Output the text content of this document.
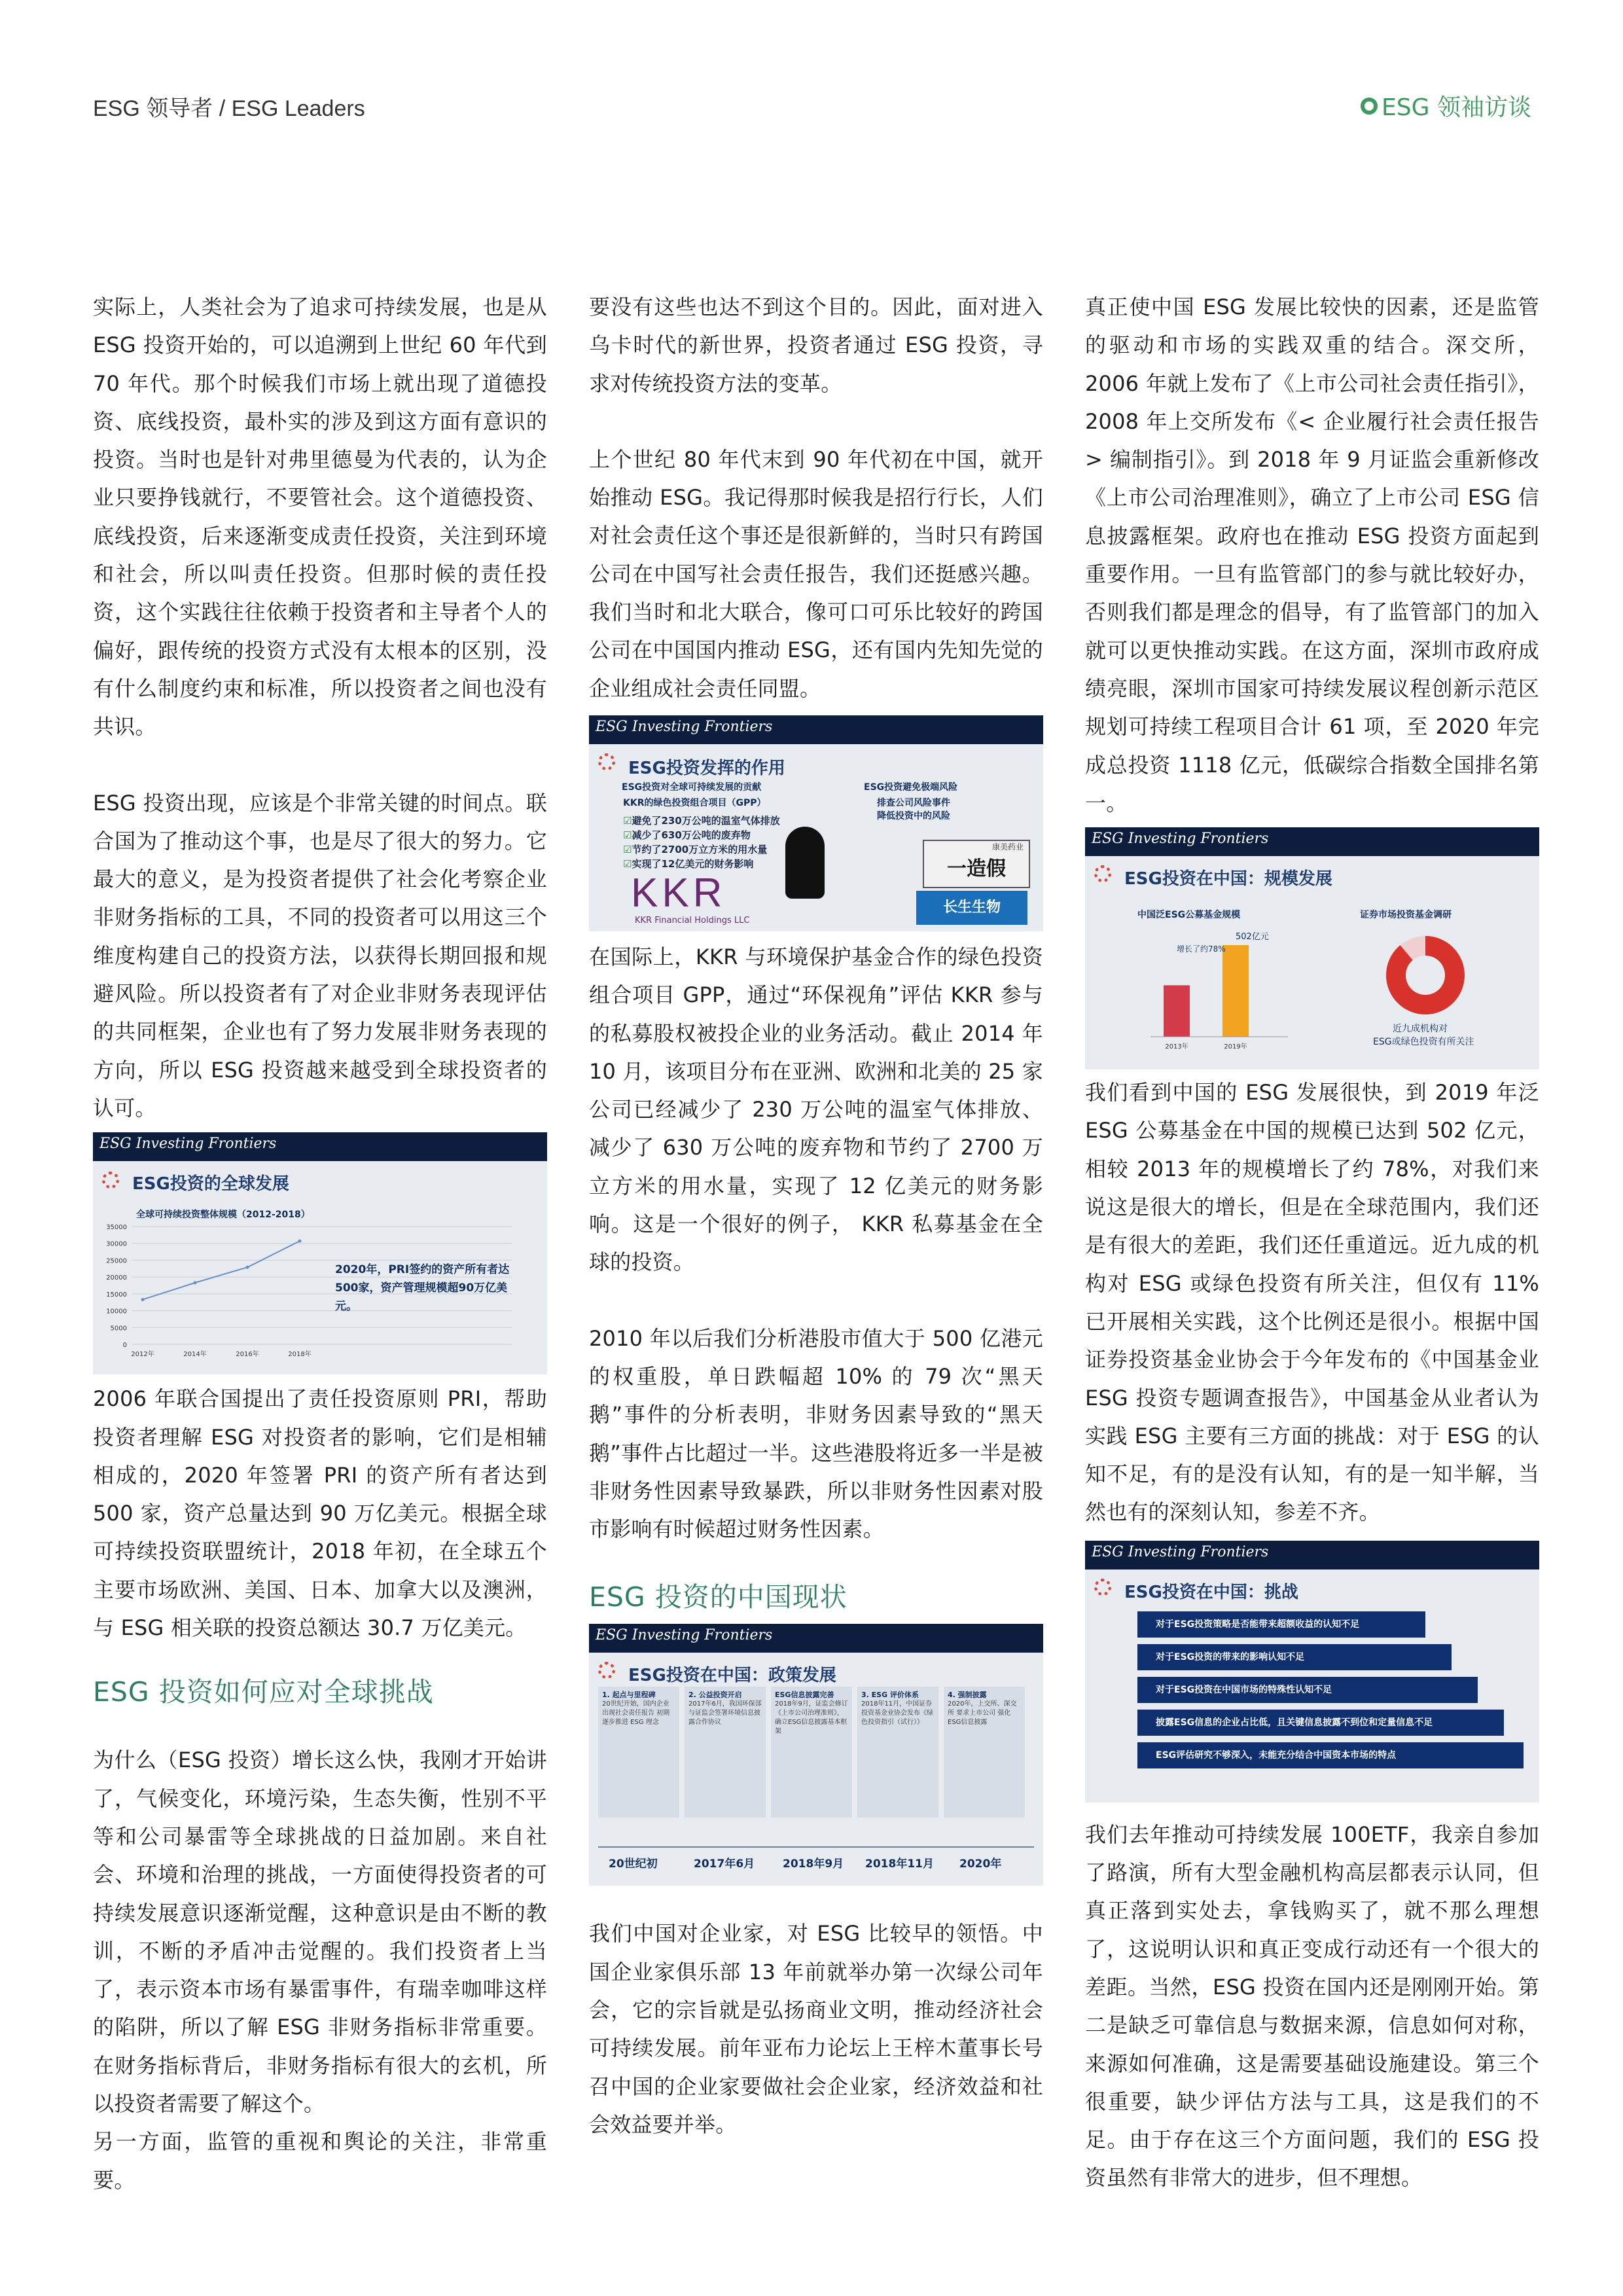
ESG 领导者 / ESG Leaders	ESG 领袖访谈

实际上，人类社会为了追求可持续发展，也是从 ESG 投资开始的，可以追溯到上世纪 60 年代到 70 年代。那个时候我们市场上就出现了道德投资、底线投资，最朴实的涉及到这方面有意识的投资。当时也是针对弗里德曼为代表的，认为企业只要挣钱就行，不要管社会。这个道德投资、底线投资，后来逐渐变成责任投资，关注到环境和社会，所以叫责任投资。但那时候的责任投资，这个实践往往依赖于投资者和主导者个人的偏好，跟传统的投资方式没有太根本的区别，没有什么制度约束和标准，所以投资者之间也没有共识。

ESG 投资出现，应该是个非常关键的时间点。联合国为了推动这个事，也是尽了很大的努力。它最大的意义，是为投资者提供了社会化考察企业非财务指标的工具，不同的投资者可以用这三个维度构建自己的投资方法，以获得长期回报和规避风险。所以投资者有了对企业非财务表现评估的共同框架，企业也有了努力发展非财务表现的方向，所以 ESG 投资越来越受到全球投资者的认可。

ESG Investing Frontiers
ESG投资的全球发展
全球可持续投资整体规模（2012-2018）
35000
30000
25000
20000
15000
10000
5000
0
2012年	2014年	2016年	2018年
2020年，PRI签约的资产所有者达500家，资产管理规模超90万亿美元。

2006 年联合国提出了责任投资原则 PRI，帮助投资者理解 ESG 对投资者的影响，它们是相辅相成的，2020 年签署 PRI 的资产所有者达到 500 家，资产总量达到 90 万亿美元。根据全球可持续投资联盟统计，2018 年初，在全球五个主要市场欧洲、美国、日本、加拿大以及澳洲，与 ESG 相关联的投资总额达 30.7 万亿美元。

ESG 投资如何应对全球挑战

为什么（ESG 投资）增长这么快，我刚才开始讲了，气候变化，环境污染，生态失衡，性别不平等和公司暴雷等全球挑战的日益加剧。来自社会、环境和治理的挑战，一方面使得投资者的可持续发展意识逐渐觉醒，这种意识是由不断的教训，不断的矛盾冲击觉醒的。我们投资者上当了，表示资本市场有暴雷事件，有瑞幸咖啡这样的陷阱，所以了解 ESG 非财务指标非常重要。在财务指标背后，非财务指标有很大的玄机，所以投资者需要了解这个。

另一方面，监管的重视和舆论的关注，非常重要。

要没有这些也达不到这个目的。因此，面对进入乌卡时代的新世界，投资者通过 ESG 投资，寻求对传统投资方法的变革。

上个世纪 80 年代末到 90 年代初在中国，就开始推动 ESG。我记得那时候我是招行行长，人们对社会责任这个事还是很新鲜的，当时只有跨国公司在中国写社会责任报告，我们还挺感兴趣。我们当时和北大联合，像可口可乐比较好的跨国公司在中国国内推动 ESG，还有国内先知先觉的企业组成社会责任同盟。

ESG Investing Frontiers
ESG投资发挥的作用
ESG投资对全球可持续发展的贡献
KKR的绿色投资组合项目（GPP）
☑ 避免了230万公吨的温室气体排放
☑ 减少了630万公吨的废弃物
☑ 节约了2700万立方米的用水量
☑ 实现了12亿美元的财务影响
KKR
KKR Financial Holdings LLC
ESG投资避免极端风险
排查公司风险事件
降低投资中的风险
康美药业
一造假
长生生物

在国际上，KKR 与环境保护基金合作的绿色投资组合项目 GPP，通过“环保视角”评估 KKR 参与的私募股权被投企业的业务活动。截止 2014 年 10 月，该项目分布在亚洲、欧洲和北美的 25 家公司已经减少了 230 万公吨的温室气体排放、减少了 630 万公吨的废弃物和节约了 2700 万立方米的用水量，实现了 12 亿美元的财务影响。这是一个很好的例子， KKR 私募基金在全球的投资。

2010 年以后我们分析港股市值大于 500 亿港元的权重股，单日跌幅超 10% 的 79 次“黑天鹅”事件的分析表明，非财务因素导致的“黑天鹅”事件占比超过一半。这些港股将近多一半是被非财务性因素导致暴跌，所以非财务性因素对股市影响有时候超过财务性因素。

ESG 投资的中国现状
ESG Investing Frontiers
ESG投资在中国：政策发展
1. 起点与里程碑
20世纪开始，国内企业 出现社会责任报告 初期逐步推进 ESG 理念
2. 公益投资开启
2017年6月，我国环保部与证监会签署环境信息披露合作协议
ESG信息披露完善
2018年9月，证监会修订《上市公司治理准则》，确立ESG信息披露基本框架
3. ESG 评价体系
2018年11月，中国证券投资基金业协会发布《绿色投资指引（试行）》
4. 强制披露
2020年，上交所、深交所 要求上市公司 强化ESG信息披露
20世纪初	2017年6月	2018年9月 2018年11月 2020年

我们中国对企业家，对 ESG 比较早的领悟。中国企业家俱乐部 13 年前就举办第一次绿公司年会，它的宗旨就是弘扬商业文明，推动经济社会可持续发展。前年亚布力论坛上王梓木董事长号召中国的企业家要做社会企业家，经济效益和社会效益要并举。

真正使中国 ESG 发展比较快的因素，还是监管的驱动和市场的实践双重的结合。深交所，2006 年就上发布了《上市公司社会责任指引》，2008 年上交所发布《< 企业履行社会责任报告 > 编制指引》。到 2018 年 9 月证监会重新修改《上市公司治理准则》，确立了上市公司 ESG 信息披露框架。政府也在推动 ESG 投资方面起到重要作用。一旦有监管部门的参与就比较好办，否则我们都是理念的倡导，有了监管部门的加入就可以更快推动实践。在这方面，深圳市政府成绩亮眼，深圳市国家可持续发展议程创新示范区规划可持续工程项目合计 61 项，至 2020 年完成总投资 1118 亿元，低碳综合指数全国排名第一。

ESG Investing Frontiers
ESG投资在中国：规模发展
中国泛ESG公募基金规模	证券市场投资基金调研
2013年	2019年
增长了约78%
502亿元
近九成机构对
ESG或绿色投资有所关注

我们看到中国的 ESG 发展很快，到 2019 年泛 ESG 公募基金在中国的规模已达到 502 亿元，相较 2013 年的规模增长了约 78%，对我们来说这是很大的增长，但是在全球范围内，我们还是有很大的差距，我们还任重道远。近九成的机构对 ESG 或绿色投资有所关注，但仅有 11% 已开展相关实践，这个比例还是很小。根据中国证券投资基金业协会于今年发布的《中国基金业 ESG 投资专题调查报告》，中国基金从业者认为实践 ESG 主要有三方面的挑战：对于 ESG 的认知不足，有的是没有认知，有的是一知半解，当然也有的深刻认知，参差不齐。

ESG Investing Frontiers
ESG投资在中国：挑战
对于ESG投资策略是否能带来超额收益的认知不足
对于ESG投资的带来的影响认知不足
对于ESG投资在中国市场的特殊性认知不足
披露ESG信息的企业占比低，且关键信息披露不到位和定量信息不足
ESG评估研究不够深入，未能充分结合中国资本市场的特点

我们去年推动可持续发展 100ETF，我亲自参加了路演，所有大型金融机构高层都表示认同，但真正落到实处去，拿钱购买了，就不那么理想了，这说明认识和真正变成行动还有一个很大的差距。当然，ESG 投资在国内还是刚刚开始。第二是缺乏可靠信息与数据来源，信息如何对称，来源如何准确，这是需要基础设施建设。第三个很重要，缺少评估方法与工具，这是我们的不足。由于存在这三个方面问题，我们的 ESG 投资虽然有非常大的进步，但不理想。
